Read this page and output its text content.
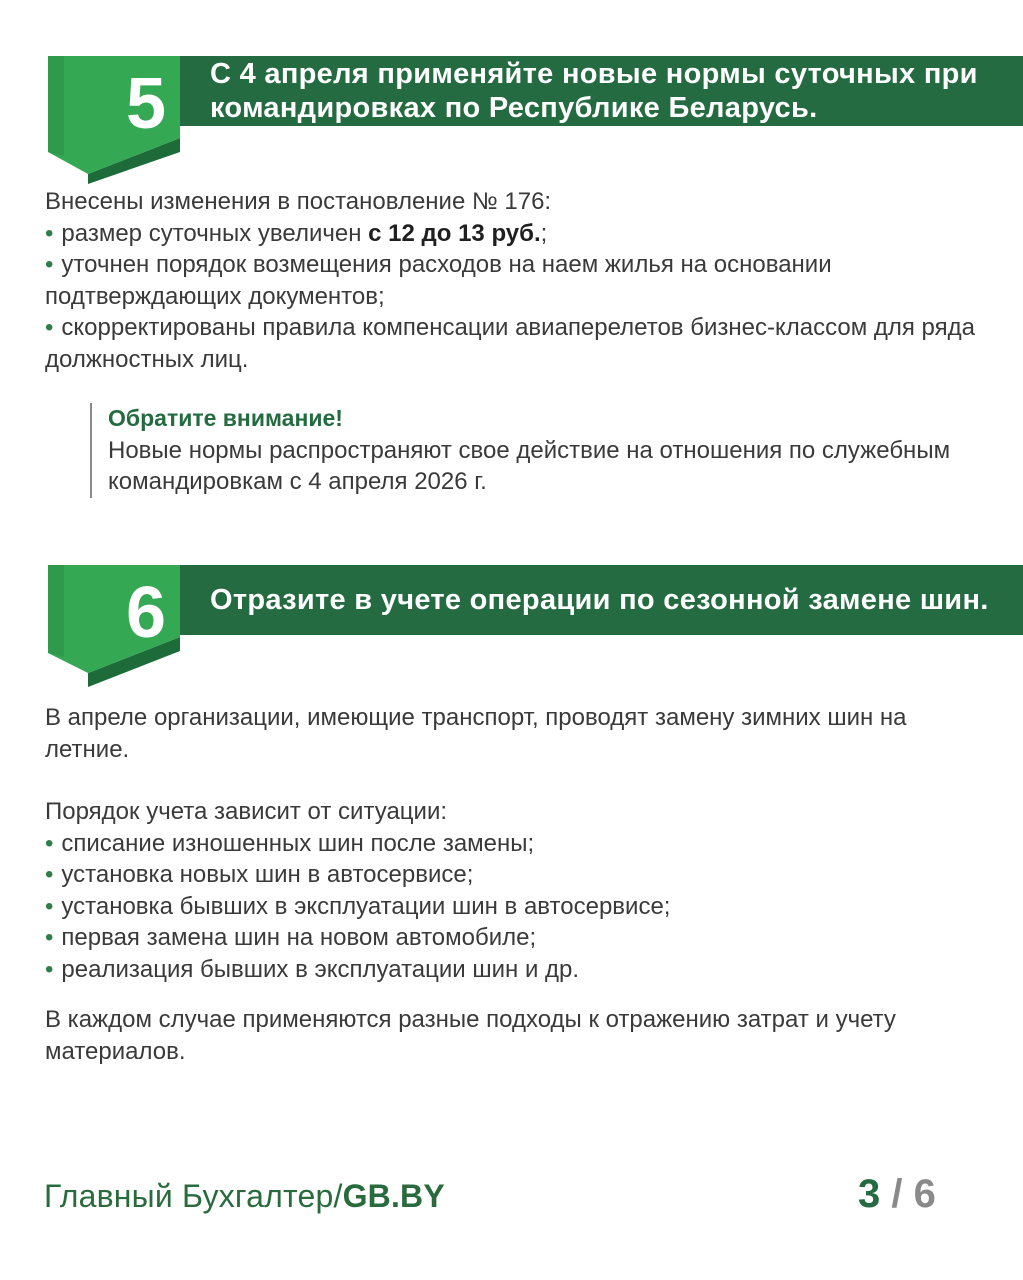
С 4 апреля применяйте новые нормы суточных при
командировках по Республике Беларусь.
5

Внесены изменения в постановление № 176:

• размер суточных увеличен с 12 до 13 руб.;

• уточнен порядок возмещения расходов на наем жилья на основании подтверждающих документов;

• скорректированы правила компенсации авиаперелетов бизнес-классом для ряда должностных лиц.

Обратите внимание!

Новые нормы распространяют свое действие на отношения по служебным командировкам с 4 апреля 2026 г.

Отразите в учете операции по сезонной замене шин.
6

В апреле организации, имеющие транспорт, проводят замену зимних шин на летние.

Порядок учета зависит от ситуации:

• списание изношенных шин после замены;

• установка новых шин в автосервисе;

• установка бывших в эксплуатации шин в автосервисе;

• первая замена шин на новом автомобиле;

• реализация бывших в эксплуатации шин и др.

В каждом случае применяются разные подходы к отражению затрат и учету материалов.

Главный Бухгалтер/GB.BY	3 / 6
